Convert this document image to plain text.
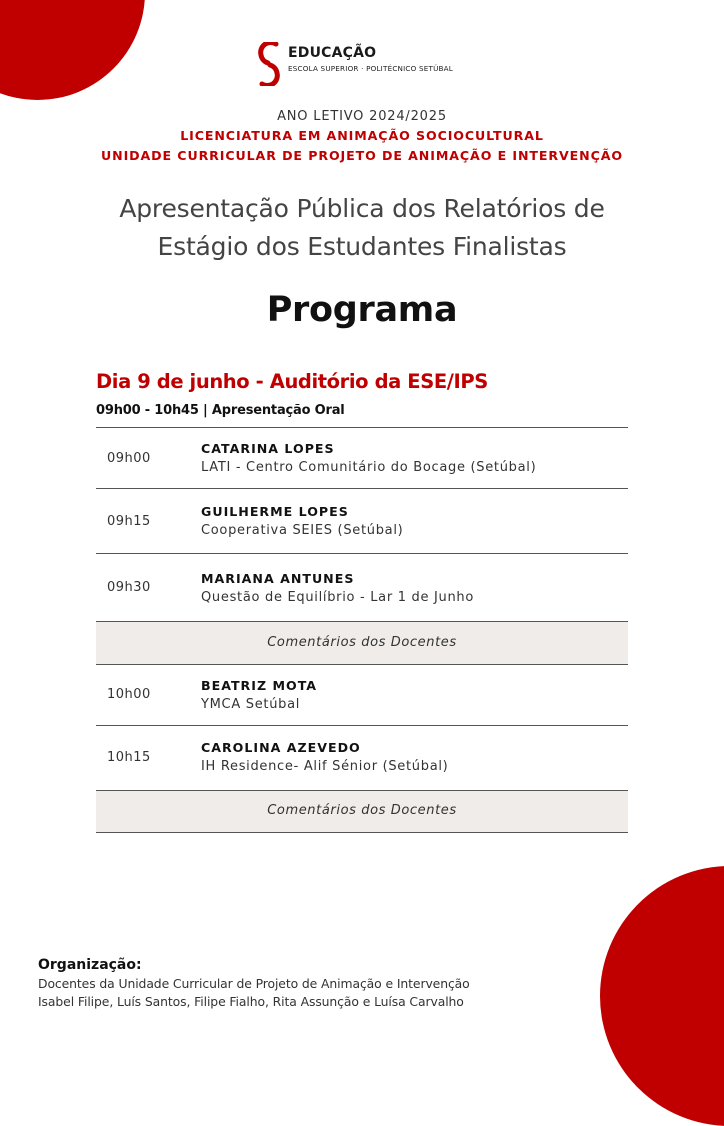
EDUCAÇÃO
ESCOLA SUPERIOR · POLITÉCNICO SETÚBAL
ANO LETIVO 2024/2025
LICENCIATURA EM ANIMAÇÃO SOCIOCULTURAL
UNIDADE CURRICULAR DE PROJETO DE ANIMAÇÃO E INTERVENÇÃO
Apresentação Pública dos Relatórios de
Estágio dos Estudantes Finalistas
Programa
Dia 9 de junho - Auditório da ESE/IPS
09h00 - 10h45 | Apresentação Oral
09h00
CATARINA LOPES
LATI - Centro Comunitário do Bocage (Setúbal)
09h15
GUILHERME LOPES
Cooperativa SEIES (Setúbal)
09h30
MARIANA ANTUNES
Questão de Equilíbrio - Lar 1 de Junho
Comentários dos Docentes
10h00
BEATRIZ MOTA
YMCA Setúbal
10h15
CAROLINA AZEVEDO
IH Residence- Alif Sénior (Setúbal)
Comentários dos Docentes
Organização:
Docentes da Unidade Curricular de Projeto de Animação e Intervenção
Isabel Filipe, Luís Santos, Filipe Fialho, Rita Assunção e Luísa Carvalho
